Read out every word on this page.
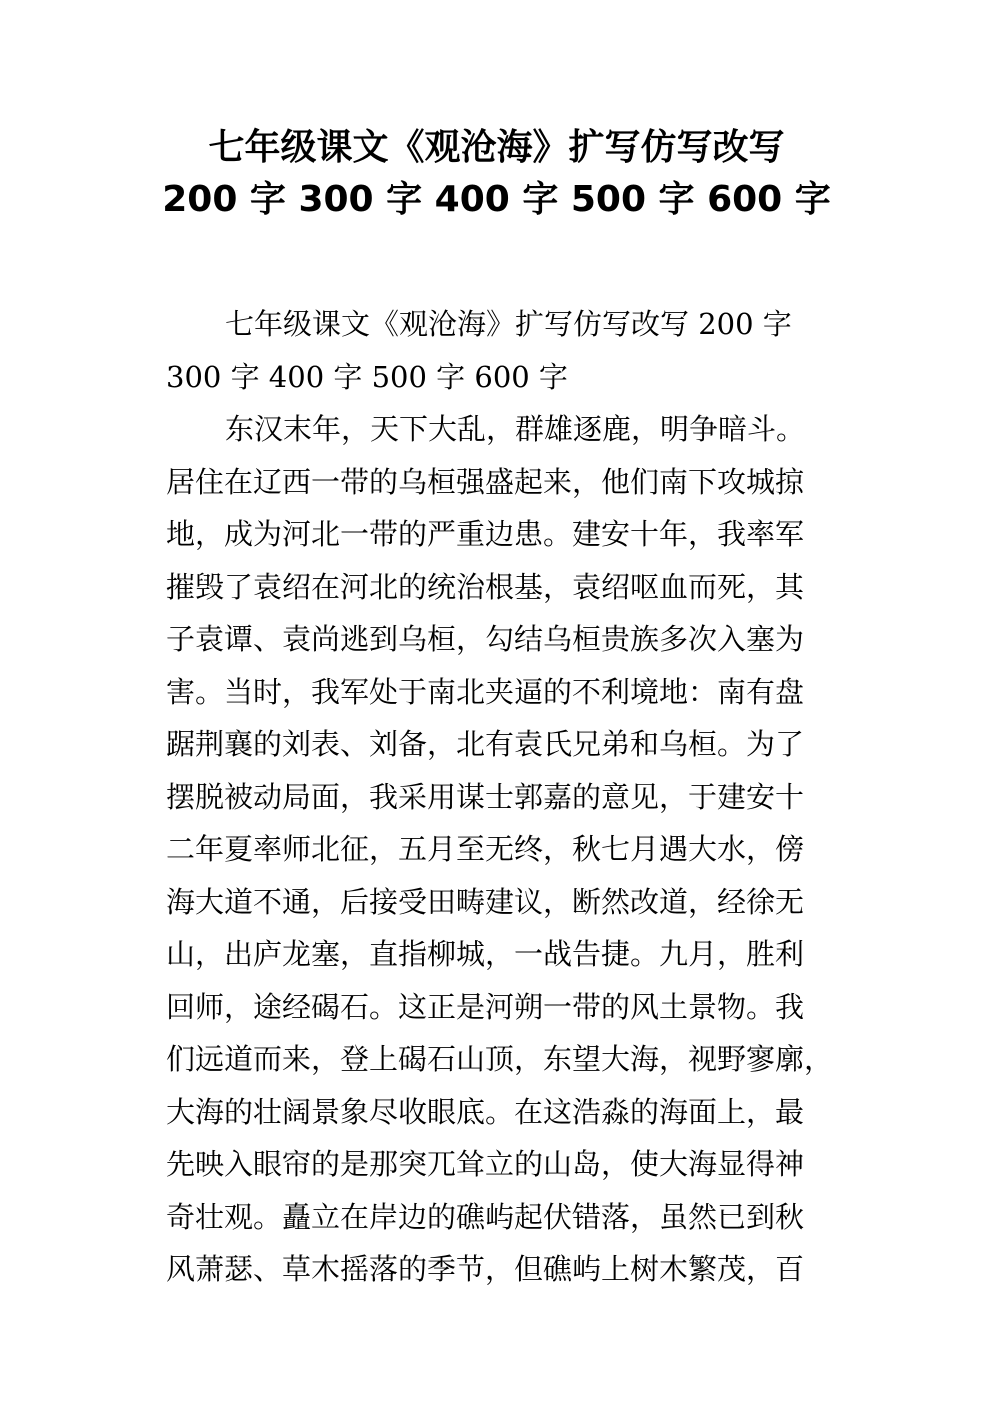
七年级课文《观沧海》扩写仿写改写
200 字 300 字 400 字 500 字 600 字
七年级课文《观沧海》扩写仿写改写 200 字
300 字 400 字 500 字 600 字
东汉末年，天下大乱，群雄逐鹿，明争暗斗。
居住在辽西一带的乌桓强盛起来，他们南下攻城掠
地，成为河北一带的严重边患。建安十年，我率军
摧毁了袁绍在河北的统治根基，袁绍呕血而死，其
子袁谭、袁尚逃到乌桓，勾结乌桓贵族多次入塞为
害。当时，我军处于南北夹逼的不利境地：南有盘
踞荆襄的刘表、刘备，北有袁氏兄弟和乌桓。为了
摆脱被动局面，我采用谋士郭嘉的意见，于建安十
二年夏率师北征，五月至无终，秋七月遇大水，傍
海大道不通，后接受田畴建议，断然改道，经徐无
山，出庐龙塞，直指柳城，一战告捷。九月，胜利
回师，途经碣石。这正是河朔一带的风土景物。我
们远道而来，登上碣石山顶，东望大海，视野寥廓，
大海的壮阔景象尽收眼底。在这浩淼的海面上，最
先映入眼帘的是那突兀耸立的山岛，使大海显得神
奇壮观。矗立在岸边的礁屿起伏错落，虽然已到秋
风萧瑟、草木摇落的季节，但礁屿上树木繁茂，百
